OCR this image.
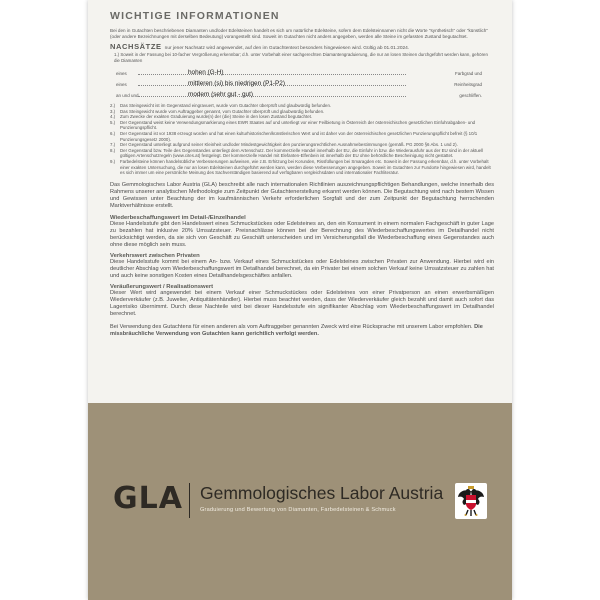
WICHTIGE INFORMATIONEN
Bei den in Gutachten beschriebenen Diamanten und/oder Edelsteinen handelt es sich um natürliche Edelsteine, sofern dem Edelsteinnamen nicht die Worte "synthetisch" oder "künstlich" (oder andere Bezeichnungen mit derselben Bedeutung) vorangestellt sind. Soweit im Gutachten nicht anders angegeben, werden alle Steine im gefassten Zustand begutachtet.
NACHSÄTZE nur jener Nachsatz wird angewendet, auf den im Gutachtentext besonders hingewiesen wird. Gültig ab 01.01.2024.
1.) Soweit in der Fassung bei 10-facher Vergrößerung erkennbar; d.h. unter Vorbehalt einer sachgerechten Diamantengraduierung, die nur an losen Steinen durchgeführt werden kann, gehören die Diamanten
eines	hohen (G-H)	Farbgrad und
eines	mittleren (si) bis niedrigen (P1-P2)	Reinheitsgrad
an und und	modem (sehr gut - gut)	geschliffen.
2.)	Das Steingewicht ist im Gegenstand eingravuert, wurde vom Gutachter überprüft und glaubwürdig befunden.
3.)	Das Steingewicht wurde vom Auftraggeber genannt, vom Gutachter überprüft und glaubwürdig befunden.
4.)	Zum Zwecke der exakten Graduierung wurde(n) der (die) Steine in den losen Zustand begutachtet.
5.)	Der Gegenstand weist keine Verwendungsmarkierung eines EWR Staates auf und unterliegt vor einer Feilbietung in Österreich der österreichischen gesetzlichen Einfuhrabgaben- und Punzierungspflicht.
6.)	Der Gegenstand ist vor 1938 erzeugt worden und hat einen kulturhistorischen/künstlerischen Wert und ist daher von der österreichischen gesetzlichen Punzierungspflicht befreit (§ 10/1 Punzierungsgesetz 2000).
7.)	Der Gegenstand unterliegt aufgrund seiner Kleinheit und/oder Mindestgewichtigkeit den punzierungsrechtlichen Ausnahmebestimmungen (gemäß. PG 2000 §6 Abs. 1 und 2).
8.)	Der Gegenstand bzw. Teile des Gegenstandes unterliegt dem Artenschutz. Der kommerzielle Handel innerhalb der EU, die Einfuhr in bzw. die Wiederausfuhr aus der EU sind in der aktuell gültigen Artenschutzregeln (www.cites.at) festgelegt. Der kommerzielle Handel mit Elefanten-Elfenbein ist innerhalb der EU ohne behördliche Bescheinigung nicht gestattet.
9.)	Farbedelsteine können handelsübliche Verbesserungen aufweisen, wie z.B. Erhitzung bei Korunden, Rissfüllungen bei Smaragden etc. Soweit in der Fassung erkennbar, d.h. unter Vorbehalt einer exakten Untersuchung, die nur an losen Edelsteinen durchgeführt werden kann, werden diese Verbesserungen angegeben. Soweit im Gutachten zur Fundorte hingewiesen wird, handelt es sich immer um eine persönliche Meinung des Sachverständigen basierend auf verfügbaren vergleichsdaten und internationaler Fachliteratur.
Das Gemmologisches Labor Austria (GLA) beschreibt alle nach internationalen Richtlinien auszeichnungspflichtigen Behandlungen, welche innerhalb des Rahmens unserer analytischen Methodologie zum Zeitpunkt der Gutachtenerstellung erkannt werden können. Die Begutachtung wird nach bestem Wissen und Gewissen unter Beachtung der im kaufmännischen Verkehr erforderlichen Sorgfalt und der zum Zeitpunkt der Begutachtung herrschenden Marktverhältnisse erstellt.
Wiederbeschaffungswert im Detail-/Einzelhandel

Diese Handelsstufe gibt den Handelswert eines Schmuckstückes oder Edelsteines an, den ein Konsument in einem normalen Fachgeschäft in guter Lage zu bezahlen hat inklusive 20% Umsatzsteuer. Preisnachlässe können bei der Berechnung des Wiederbeschaffungswertes im Detailhandel nicht berücksichtigt werden, da sie sich von Geschäft zu Geschäft unterscheiden und im Versicherungsfall die Wiederbeschaffung eines Gegenstandes auch ohne diese möglich sein muss.

Verkehrswert zwischen Privaten

Diese Handelsstufe kommt bei einem An- bzw. Verkauf eines Schmuckstückes oder Edelsteines zwischen Privaten zur Anwendung. Hierbei wird ein deutlicher Abschlag vom Wiederbeschaffungswert im Detailhandel berechnet, da ein Privater bei einem solchen Verkauf keine Umsatzsteuer zu zahlen hat und auch keine sonstigen Kosten eines Detailhandelsgeschäftes anfallen.

Veräußerungswert / Realisationswert

Dieser Wert wird angewendet bei einem Verkauf einer Schmuckstückes oder Edelsteines von einer Privatperson an einen erwerbsmäßigen Wiederverkäufer (z.B. Juwelier, Antiquitätenhändler). Hierbei muss beachtet werden, dass der Wiederverkäufer gleich bezahlt und damit auch sofort das Lagerrisiko übernimmt. Durch diese Nachteile wird bei dieser Handelsstufe ein signifikanter Abschlag vom Wiederbeschaffungswert im Detailhandel berechnet.

Bei Verwendung des Gutachtens für einen anderen als vom Auftraggeber genannten Zweck wird eine Rücksprache mit unserem Labor empfohlen. Die missbräuchliche Verwendung von Gutachten kann gerichtlich verfolgt werden.
GLA Gemmologisches Labor Austria
Graduierung und Bewertung von Diamanten, Farbedelsteinen & Schmuck
